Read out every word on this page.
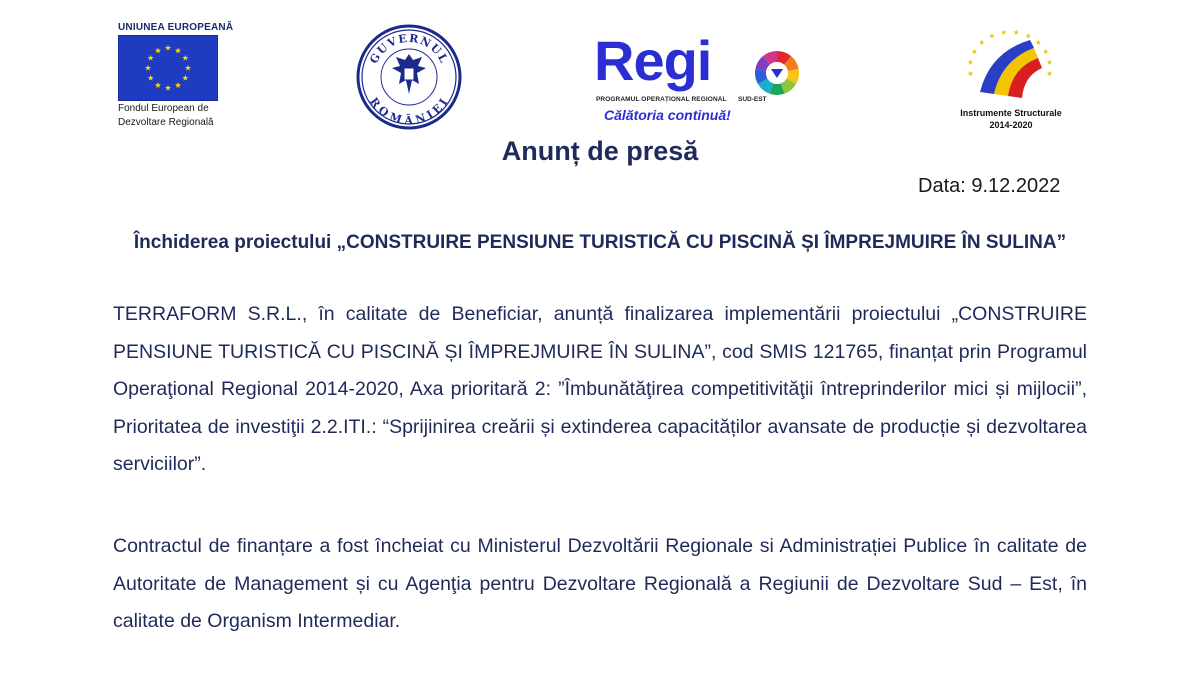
UNIUNEA EUROPEANĂ
Fondul European de
Dezvoltare Regională
GUVERNUL
ROMÂNIEI
Regi
PROGRAMUL OPERAȚIONAL REGIONAL SUD-EST
Călătoria continuă!	Instrumente Structurale
2014-2020
Anunț de presă
Data: 9.12.2022
Închiderea proiectului „CONSTRUIRE PENSIUNE TURISTICĂ CU PISCINĂ ȘI ÎMPREJMUIRE ÎN SULINA”
TERRAFORM S.R.L., în calitate de Beneficiar, anunță finalizarea implementării proiectului „CONSTRUIRE PENSIUNE TURISTICĂ CU PISCINĂ ȘI ÎMPREJMUIRE ÎN SULINA”, cod SMIS 121765, finanțat prin Programul Operaţional Regional 2014-2020, Axa prioritară 2: ”Îmbunătăţirea competitivităţii întreprinderilor mici și mijlocii”, Prioritatea de investiţii 2.2.ITI.: “Sprijinirea creării și extinderea capacităților avansate de producție și dezvoltarea serviciilor”.
Contractul de finanțare a fost încheiat cu Ministerul Dezvoltării Regionale si Administrației Publice în calitate de Autoritate de Management și cu Agenţia pentru Dezvoltare Regională a Regiunii de Dezvoltare Sud – Est, în calitate de Organism Intermediar.
